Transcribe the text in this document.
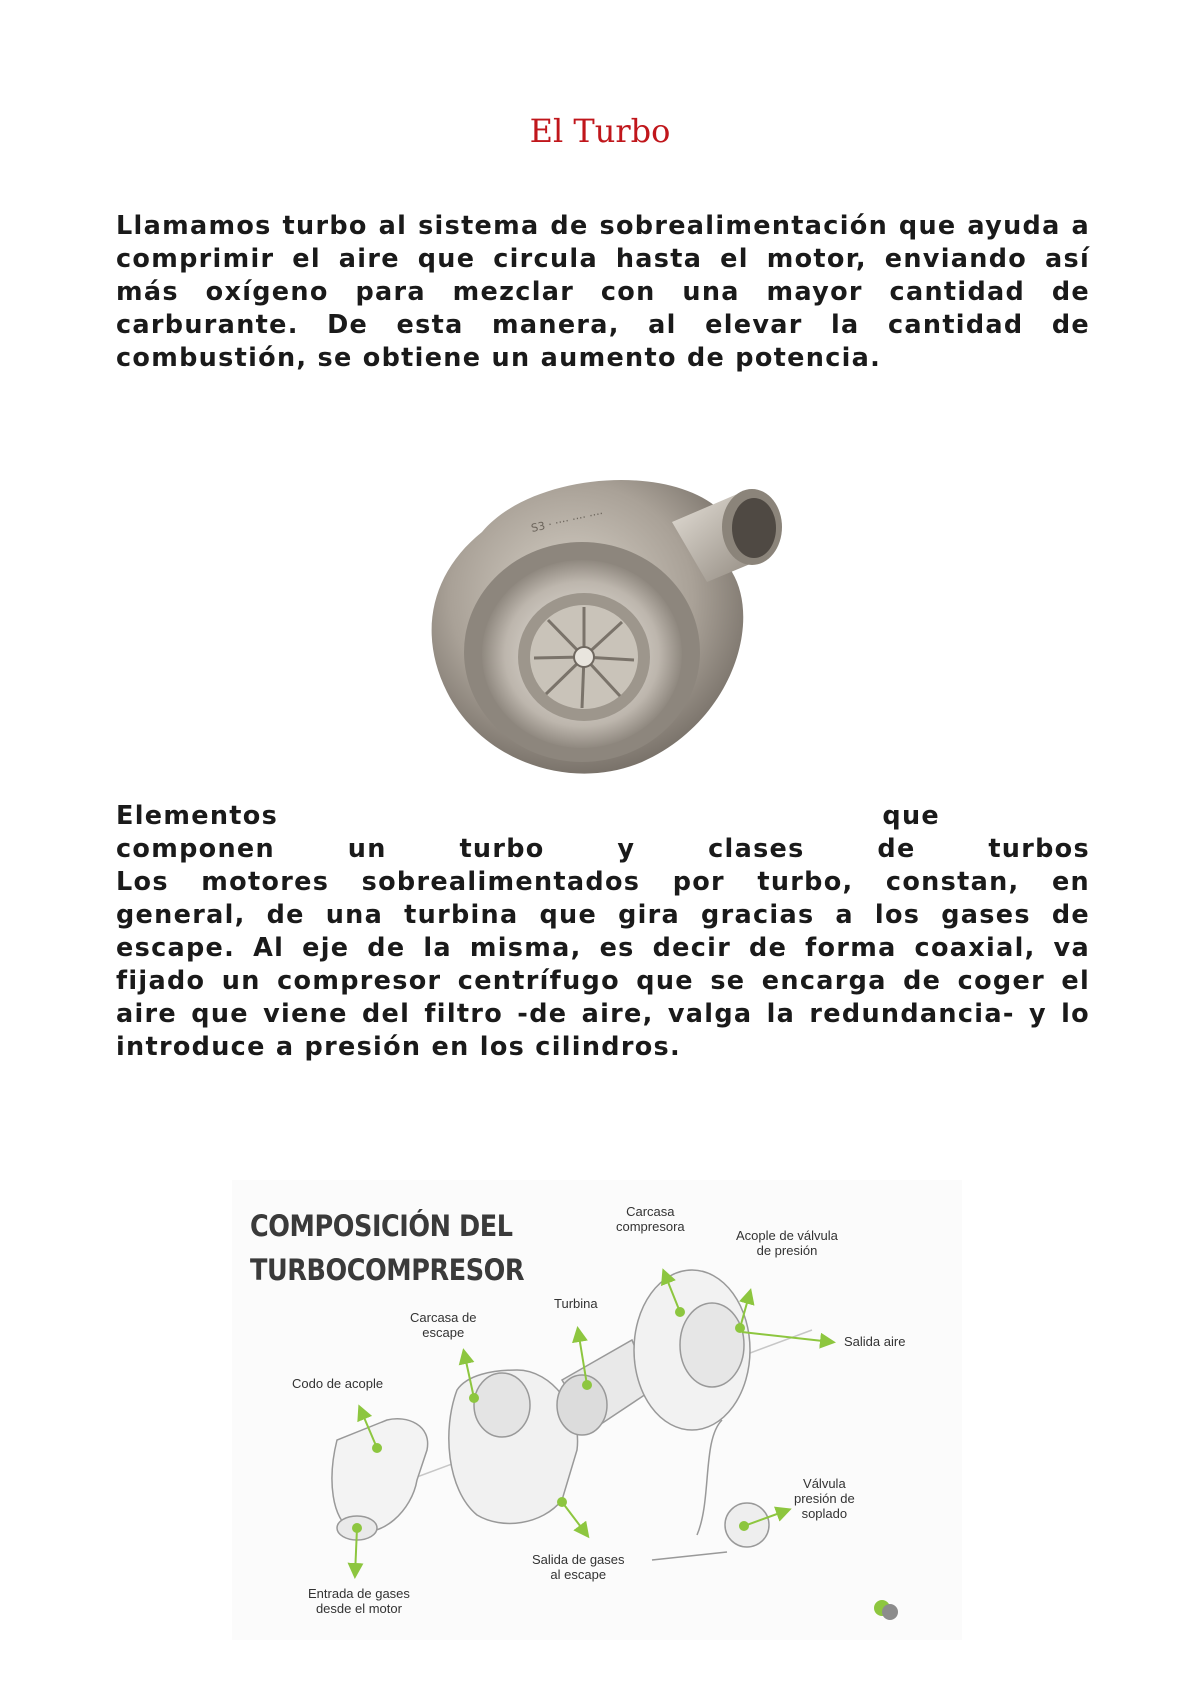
El Turbo

Llamamos turbo al sistema de sobrealimentación que ayuda a comprimir el aire que circula hasta el motor, enviando así más oxígeno para mezclar con una mayor cantidad de carburante. De esta manera, al elevar la cantidad de combustión, se obtiene un aumento de potencia.

S3 · ···· ···· ····
Elementos	que
componen	un	turbo	y	clases	de	turbos
Los motores sobrealimentados por turbo, constan, en general, de una turbina que gira gracias a los gases de escape. Al eje de la misma, es decir de forma coaxial, va fijado un compresor centrífugo que se encarga de coger el aire que viene del filtro -de aire, valga la redundancia- y lo introduce a presión en los cilindros.
COMPOSICIÓN DEL
TURBOCOMPRESOR
Carcasa
compresora
Acople de válvula
de presión
Salida aire
Turbina
Carcasa de
escape
Codo de acople
Válvula
presión de
soplado
Salida de gases
al escape
Entrada de gases
desde el motor
